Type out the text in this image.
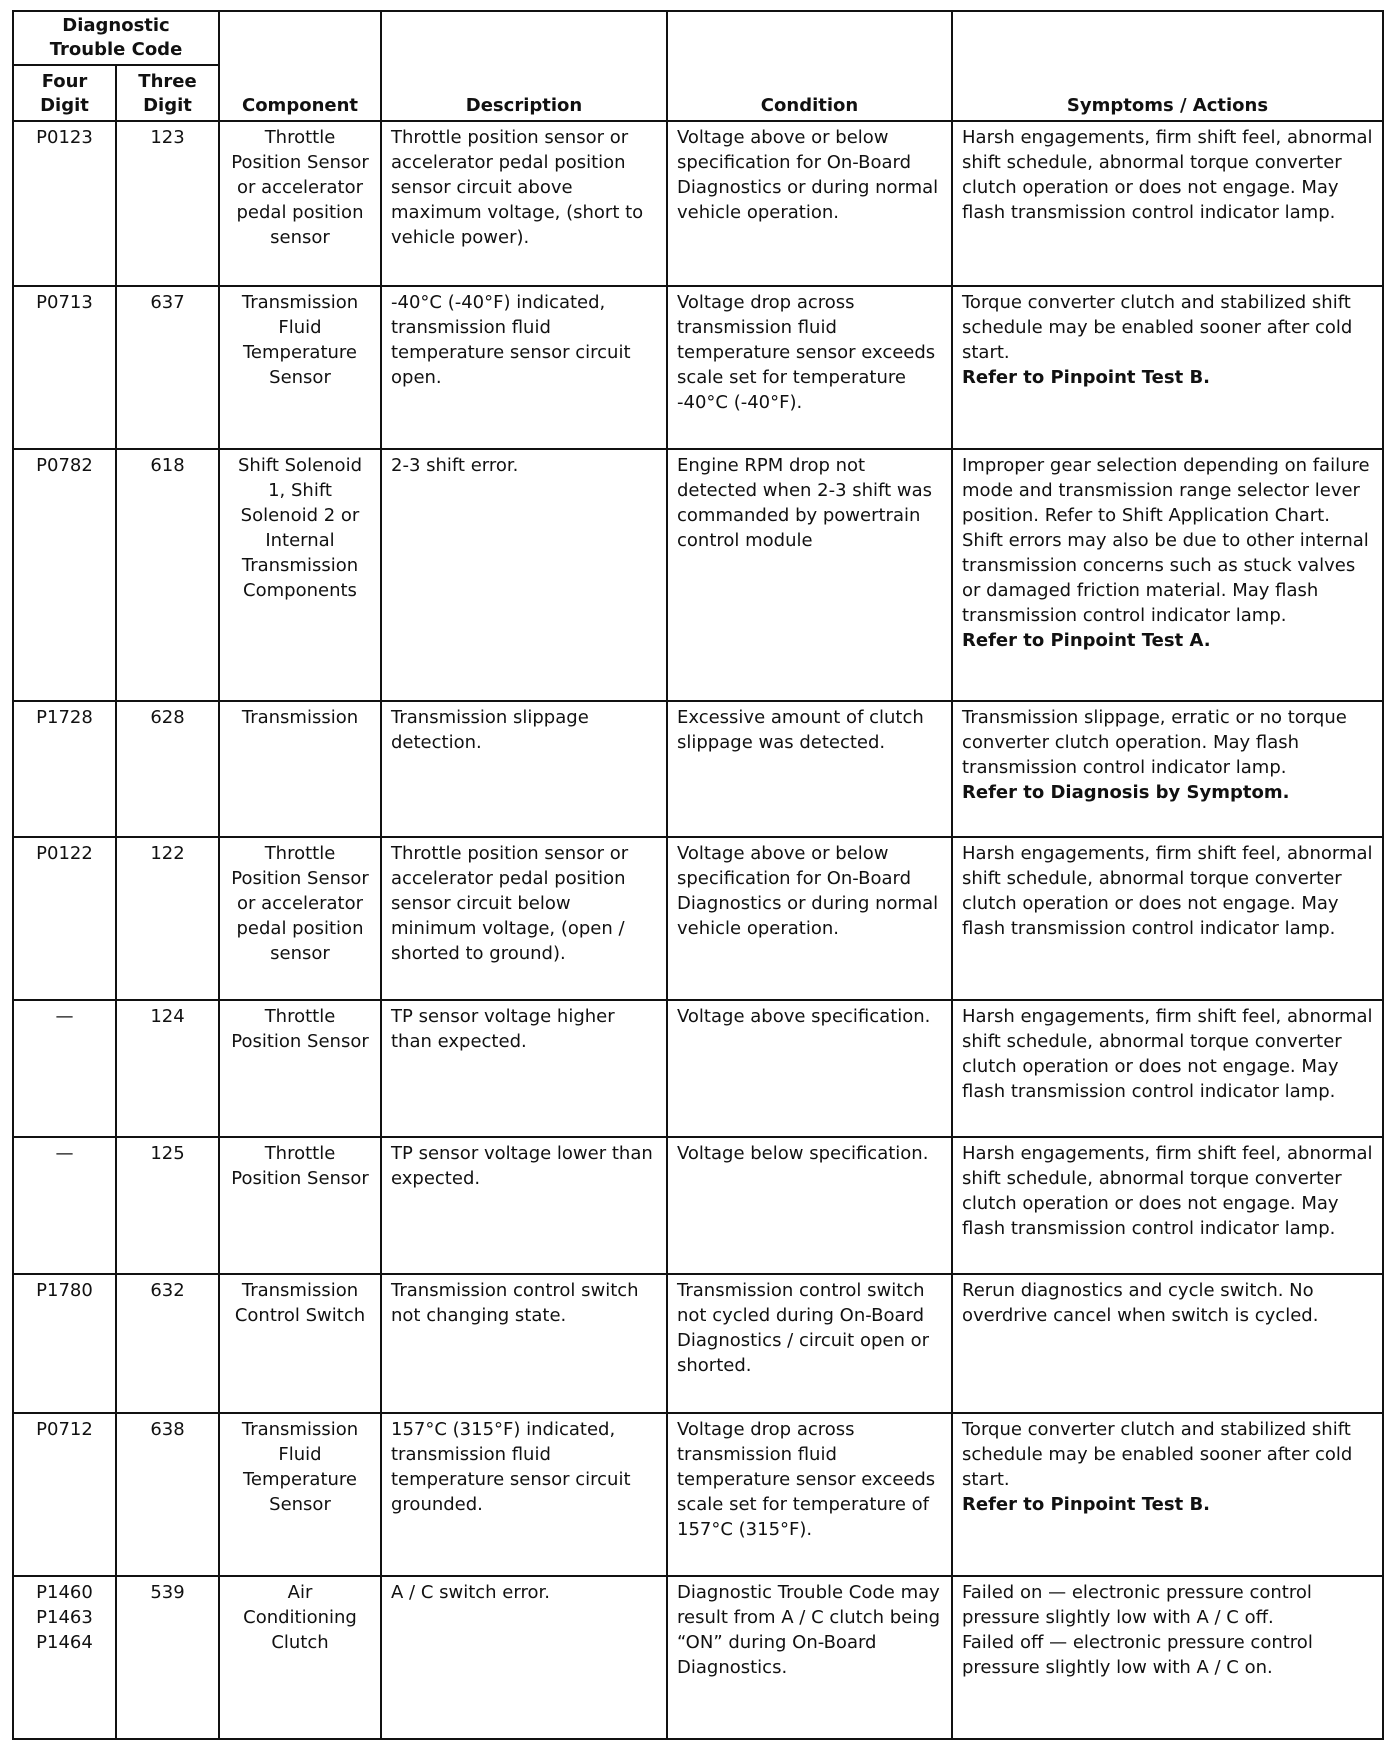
Diagnostic Trouble Code		Component	Description	Condition	Symptoms / Actions
Four Digit	Three Digit				
P0123	123	Throttle Position Sensor or accelerator pedal position sensor	Throttle position sensor or accelerator pedal position sensor circuit above maximum voltage, (short to vehicle power).	Voltage above or below specification for On-Board Diagnostics or during normal vehicle operation.	Harsh engagements, firm shift feel, abnormal shift schedule, abnormal torque converter clutch operation or does not engage. May flash transmission control indicator lamp.

P0713	637	Transmission Fluid Temperature Sensor	-40°C (-40°F) indicated, transmission fluid temperature sensor circuit open.	Voltage drop across transmission fluid temperature sensor exceeds scale set for temperature -40°C (-40°F).	Torque converter clutch and stabilized shift schedule may be enabled sooner after cold start.
Refer to Pinpoint Test B.

P0782	618	Shift Solenoid 1, Shift Solenoid 2 or Internal Transmission Components	2-3 shift error.	Engine RPM drop not detected when 2-3 shift was commanded by powertrain control module	Improper gear selection depending on failure mode and transmission range selector lever position. Refer to Shift Application Chart. Shift errors may also be due to other internal transmission concerns such as stuck valves or damaged friction material. May flash transmission control indicator lamp.
Refer to Pinpoint Test A.

P1728	628	Transmission	Transmission slippage detection.	Excessive amount of clutch slippage was detected.	Transmission slippage, erratic or no torque converter clutch operation. May flash transmission control indicator lamp.
Refer to Diagnosis by Symptom.

P0122	122	Throttle Position Sensor or accelerator pedal position sensor	Throttle position sensor or accelerator pedal position sensor circuit below minimum voltage, (open / shorted to ground).	Voltage above or below specification for On-Board Diagnostics or during normal vehicle operation.	Harsh engagements, firm shift feel, abnormal shift schedule, abnormal torque converter clutch operation or does not engage. May flash transmission control indicator lamp.

—	124	Throttle Position Sensor	TP sensor voltage higher than expected.	Voltage above specification.	Harsh engagements, firm shift feel, abnormal shift schedule, abnormal torque converter clutch operation or does not engage. May flash transmission control indicator lamp.

—	125	Throttle Position Sensor	TP sensor voltage lower than expected.	Voltage below specification.	Harsh engagements, firm shift feel, abnormal shift schedule, abnormal torque converter clutch operation or does not engage. May flash transmission control indicator lamp.

P1780	632	Transmission Control Switch	Transmission control switch not changing state.	Transmission control switch not cycled during On-Board Diagnostics / circuit open or shorted.	Rerun diagnostics and cycle switch. No overdrive cancel when switch is cycled.

P0712	638	Transmission Fluid Temperature Sensor	157°C (315°F) indicated, transmission fluid temperature sensor circuit grounded.	Voltage drop across transmission fluid temperature sensor exceeds scale set for temperature of 157°C (315°F).	Torque converter clutch and stabilized shift schedule may be enabled sooner after cold start.
Refer to Pinpoint Test B.

P1460
P1463
P1464	539	Air Conditioning Clutch	A / C switch error.	Diagnostic Trouble Code may result from A / C clutch being “ON” during On-Board Diagnostics.	Failed on — electronic pressure control pressure slightly low with A / C off.
Failed off — electronic pressure control pressure slightly low with A / C on.
